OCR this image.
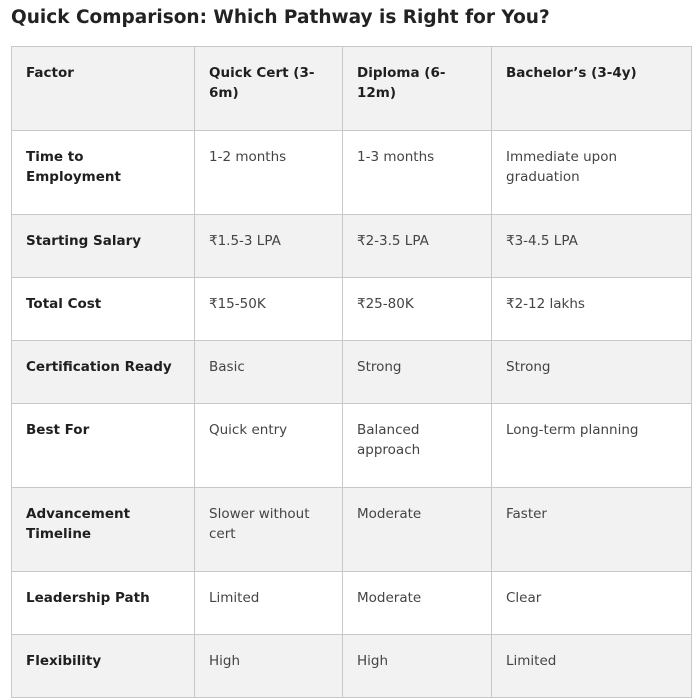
Quick Comparison: Which Pathway is Right for You?
Factor	Quick Cert (3-6m)	Diploma (6-12m)	Bachelor’s (3-4y)
Time to Employment	1-2 months	1-3 months	Immediate upon graduation
Starting Salary	₹1.5-3 LPA	₹2-3.5 LPA	₹3-4.5 LPA
Total Cost	₹15-50K	₹25-80K	₹2-12 lakhs
Certification Ready	Basic	Strong	Strong
Best For	Quick entry	Balanced approach	Long-term planning
Advancement Timeline	Slower without cert	Moderate	Faster
Leadership Path	Limited	Moderate	Clear
Flexibility	High	High	Limited
